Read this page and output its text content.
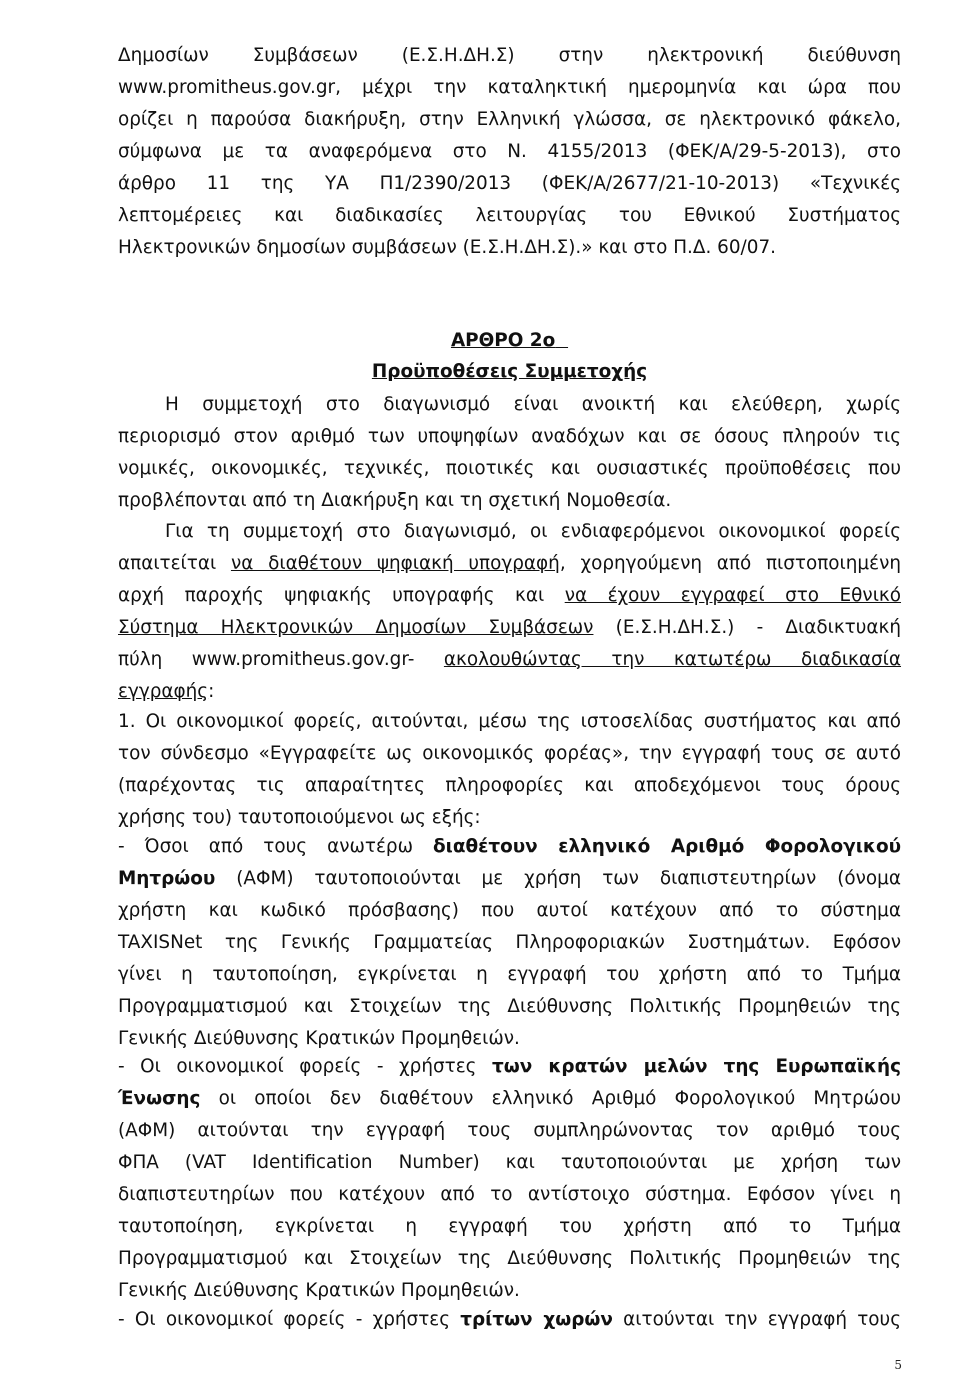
Δημοσίων Συμβάσεων (Ε.Σ.Η.ΔΗ.Σ) στην ηλεκτρονική διεύθυνση

www.promitheus.gov.gr, μέχρι την καταληκτική ημερομηνία και ώρα που

ορίζει η παρούσα διακήρυξη, στην Ελληνική γλώσσα, σε ηλεκτρονικό φάκελο,

σύμφωνα με τα αναφερόμενα στο Ν. 4155/2013 (ΦΕΚ/Α/29-5-2013), στο

άρθρο 11 της ΥΑ Π1/2390/2013 (ΦΕΚ/Α/2677/21-10-2013) «Τεχνικές

λεπτομέρειες και διαδικασίες λειτουργίας του Εθνικού Συστήματος

Ηλεκτρονικών δημοσίων συμβάσεων (Ε.Σ.Η.ΔΗ.Σ).» και στο Π.Δ. 60/07.

ΑΡΘΡΟ 2ο

Προϋποθέσεις Συμμετοχής

Η συμμετοχή στο διαγωνισμό είναι ανοικτή και ελεύθερη, χωρίς

περιορισμό στον αριθμό των υποψηφίων αναδόχων και σε όσους πληρούν τις

νομικές, οικονομικές, τεχνικές, ποιοτικές και ουσιαστικές προϋποθέσεις που

προβλέπονται από τη Διακήρυξη και τη σχετική Νομοθεσία.

Για τη συμμετοχή στο διαγωνισμό, οι ενδιαφερόμενοι οικονομικοί φορείς

απαιτείται να διαθέτουν ψηφιακή υπογραφή, χορηγούμενη από πιστοποιημένη

αρχή παροχής ψηφιακής υπογραφής και να έχουν εγγραφεί στο Εθνικό

Σύστημα Ηλεκτρονικών Δημοσίων Συμβάσεων (Ε.Σ.Η.ΔΗ.Σ.) - Διαδικτυακή

πύλη www.promitheus.gov.gr- ακολουθώντας την κατωτέρω διαδικασία

εγγραφής:

1. Οι οικονομικοί φορείς, αιτούνται, μέσω της ιστοσελίδας συστήματος και από

τον σύνδεσμο «Εγγραφείτε ως οικονομικός φορέας», την εγγραφή τους σε αυτό

(παρέχοντας τις απαραίτητες πληροφορίες και αποδεχόμενοι τους όρους

χρήσης του) ταυτοποιούμενοι ως εξής:

- Όσοι από τους ανωτέρω διαθέτουν ελληνικό Αριθμό Φορολογικού

Μητρώου (ΑΦΜ) ταυτοποιούνται με χρήση των διαπιστευτηρίων (όνομα

χρήστη και κωδικό πρόσβασης) που αυτοί κατέχουν από το σύστημα

TAXISNet της Γενικής Γραμματείας Πληροφοριακών Συστημάτων. Εφόσον

γίνει η ταυτοποίηση, εγκρίνεται η εγγραφή του χρήστη από το Τμήμα

Προγραμματισμού και Στοιχείων της Διεύθυνσης Πολιτικής Προμηθειών της

Γενικής Διεύθυνσης Κρατικών Προμηθειών.

- Οι οικονομικοί φορείς - χρήστες των κρατών μελών της Ευρωπαϊκής

Ένωσης οι οποίοι δεν διαθέτουν ελληνικό Αριθμό Φορολογικού Μητρώου

(ΑΦΜ) αιτούνται την εγγραφή τους συμπληρώνοντας τον αριθμό τους

ΦΠΑ (VAT Identification Number) και ταυτοποιούνται με χρήση των

διαπιστευτηρίων που κατέχουν από το αντίστοιχο σύστημα. Εφόσον γίνει η

ταυτοποίηση, εγκρίνεται η εγγραφή του χρήστη από το Τμήμα

Προγραμματισμού και Στοιχείων της Διεύθυνσης Πολιτικής Προμηθειών της

Γενικής Διεύθυνσης Κρατικών Προμηθειών.

- Οι οικονομικοί φορείς - χρήστες τρίτων χωρών αιτούνται την εγγραφή τους

5
